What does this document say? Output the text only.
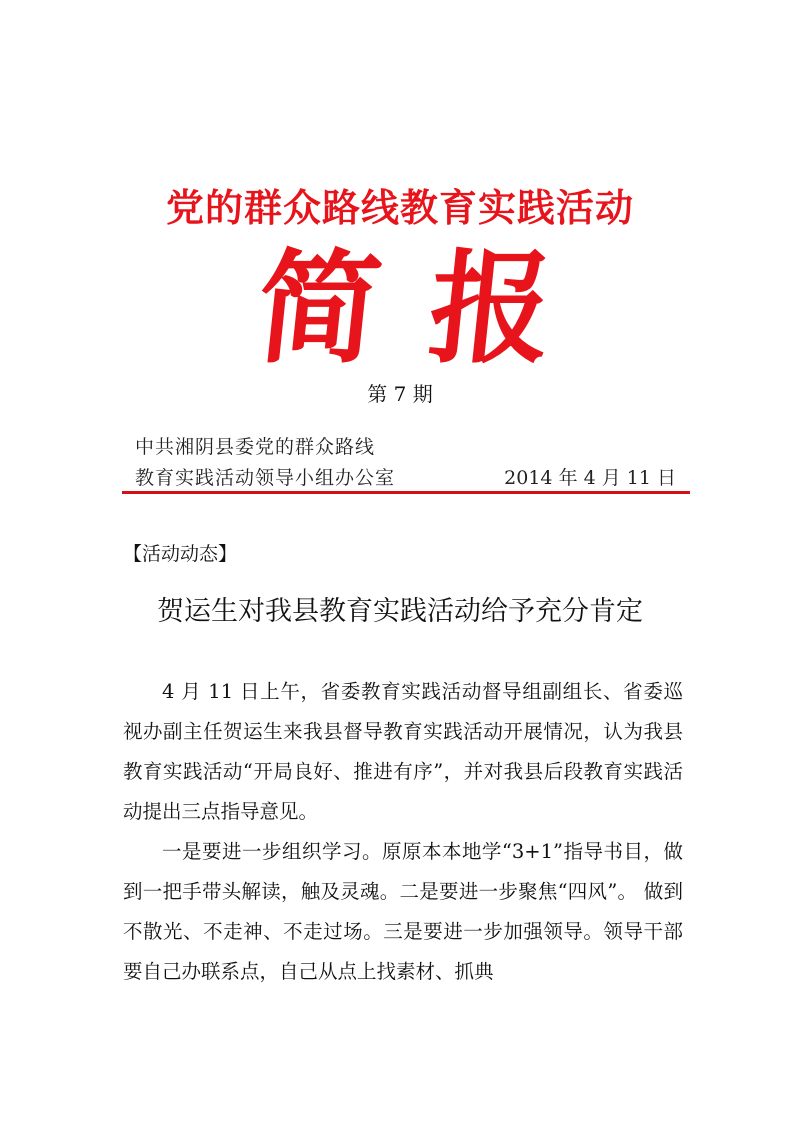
党的群众路线教育实践活动
简 报
第 7 期
中共湘阴县委党的群众路线
教育实践活动领导小组办公室	2014 年 4 月 11 日
【活动动态】
贺运生对我县教育实践活动给予充分肯定

4 月 11 日上午，省委教育实践活动督导组副组长、省委巡视办副主任贺运生来我县督导教育实践活动开展情况，认为我县教育实践活动“开局良好、推进有序”，并对我县后段教育实践活动提出三点指导意见。

一是要进一步组织学习。原原本本地学“3+1”指导书目，做到一把手带头解读，触及灵魂。二是要进一步聚焦“四风”。 做到不散光、不走神、不走过场。三是要进一步加强领导。领导干部要自己办联系点，自己从点上找素材、抓典
